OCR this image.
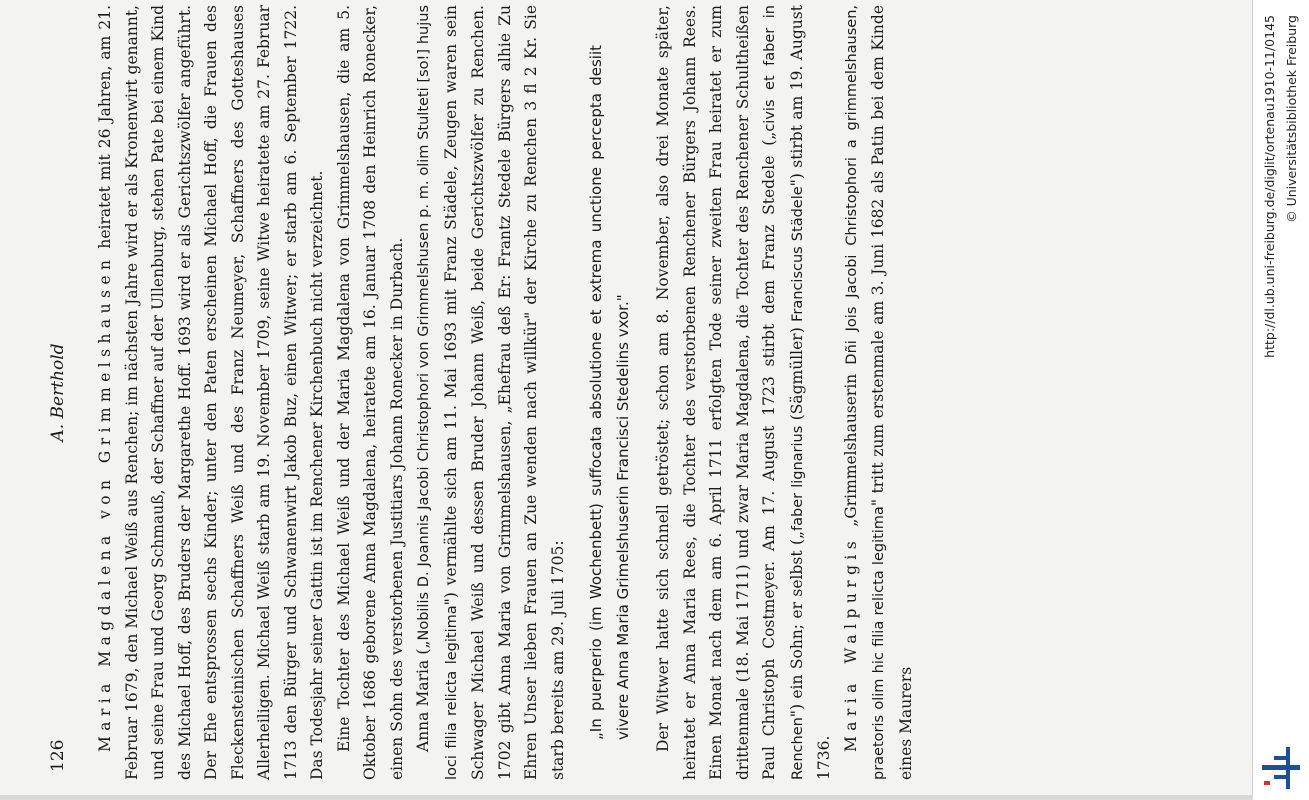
126
A. Berthold Maria Magdalena von Grimmelshausen heiratet mit 26 Jahren, am 21. Februar 1679, den Michael Weiß aus Renchen; im nächsten Jahre wird er als Kronenwirt genannt, und seine Frau und Georg Schmauß, der Schaffner auf der Ullenburg, stehen Pate bei einem Kind des Michael Hoff, des Bruders der Margarethe Hoff. 1693 wird er als Gerichtszwölfer angeführt. Der Ehe entsprossen sechs Kinder; unter den Paten erscheinen Michael Hoff, die Frauen des Fleckensteinischen Schaffners Weiß und des Franz Neumeyer, Schaffners des Gotteshauses Allerheiligen. Michael Weiß starb am 19. November 1709, seine Witwe heiratete am 27. Februar 1713 den Bürger und Schwanenwirt Jakob Buz, einen Witwer; er starb am 6. September 1722. Das Todesjahr seiner Gattin ist im Renchener Kirchenbuch nicht verzeichnet. Eine Tochter des Michael Weiß und der Maria Magdalena von Grimmelshausen, die am 5. Oktober 1686 geborene Anna Magdalena, heiratete am 16. Januar 1708 den Heinrich Ronecker, einen Sohn des verstorbenen Justitiars Johann Ronecker in Durbach. Anna Maria („Nobilis D. Joannis Jacobi Christophori von Grimmelshusen p. m. olim Stulteti [so!] hujus loci filia relicta legitima") vermählte sich am 11. Mai 1693 mit Franz Städele, Zeugen waren sein Schwager Michael Weiß und dessen Bruder Johann Weiß, beide Gerichtszwölfer zu Renchen. 1702 gibt Anna Maria von Grimmelshausen, „Ehefrau deß Er: Frantz Stedele Bürgers alhie Zu Ehren Unser lieben Frauen an Zue wenden nach willkür" der Kirche zu Renchen 3 fl 2 Kr. Sie starb bereits am 29. Juli 1705:	„In puerperio (im Wochenbett) suffocata absolutione et extrema unctione percepta desiit vivere Anna Maria Grimelshuserin Francisci Stedelins vxor." Der Witwer hatte sich schnell getröstet; schon am 8. November, also drei Monate später, heiratet er Anna Maria Rees, die Tochter des verstorbenen Renchener Bürgers Johann Rees. Einen Monat nach dem am 6. April 1711 erfolgten Tode seiner zweiten Frau heiratet er zum drittenmale (18. Mai 1711) und zwar Maria Magdalena, die Tochter des Renchener Schultheißen Paul Christoph Costmeyer. Am 17. August 1723 stirbt dem Franz Stedele („civis et faber in Renchen") ein Sohn; er selbst („faber lignarius (Sägmüller) Franciscus Städele") stirbt am 19. August 1736.

Maria Walpurgis „Grimmelshauserin Dñi Jois Jacobi Christophori a grimmelshausen, praetoris olim hic filia relicta legitima" tritt zum erstenmale am 3. Juni 1682 als Patin bei dem Kinde eines Maurers

http://dl.ub.uni-freiburg.de/diglit/ortenau1910-11/0145 © Universitätsbibliothek Freiburg
